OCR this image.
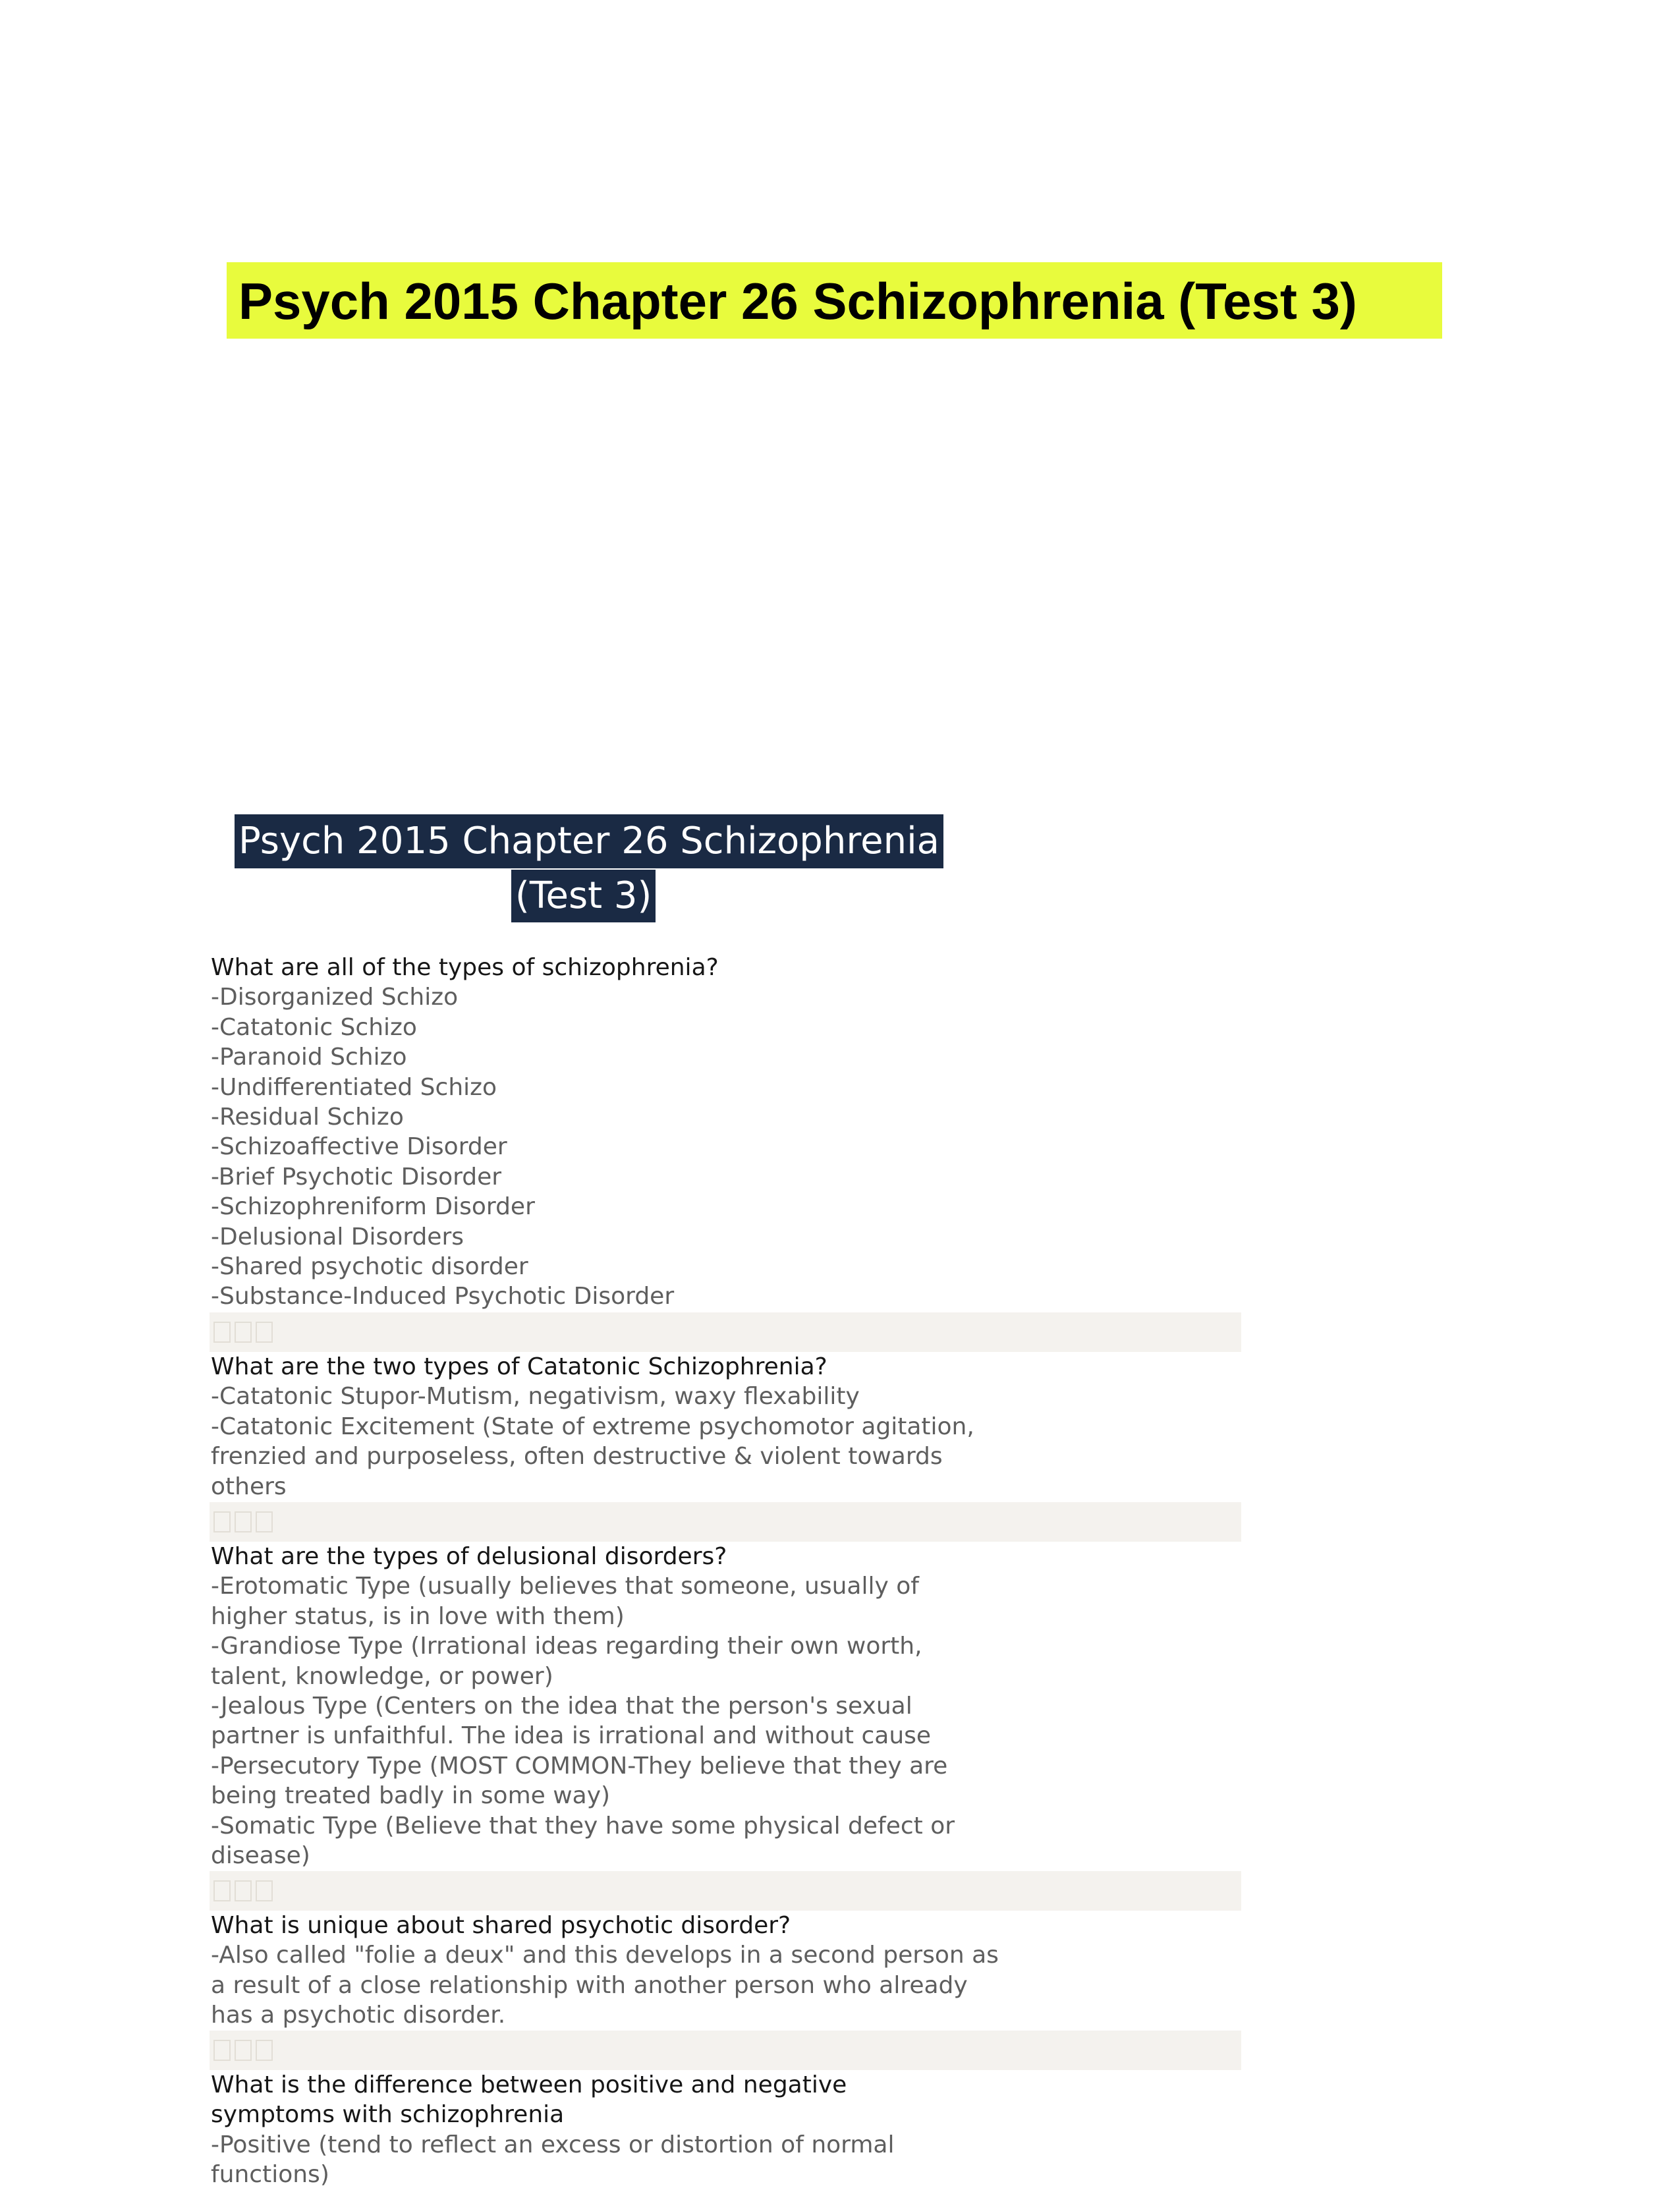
Psych 2015 Chapter 26 Schizophrenia (Test 3)
Psych 2015 Chapter 26 Schizophrenia
(Test 3)
What are all of the types of schizophrenia?
-Disorganized Schizo
-Catatonic Schizo
-Paranoid Schizo
-Undifferentiated Schizo
-Residual Schizo
-Schizoaffective Disorder
-Brief Psychotic Disorder
-Schizophreniform Disorder
-Delusional Disorders
-Shared psychotic disorder
-Substance-Induced Psychotic Disorder
What are the two types of Catatonic Schizophrenia?
-Catatonic Stupor-Mutism, negativism, waxy flexability
-Catatonic Excitement (State of extreme psychomotor agitation,
frenzied and purposeless, often destructive & violent towards
others
What are the types of delusional disorders?
-Erotomatic Type (usually believes that someone, usually of
higher status, is in love with them)
-Grandiose Type (Irrational ideas regarding their own worth,
talent, knowledge, or power)
-Jealous Type (Centers on the idea that the person's sexual
partner is unfaithful. The idea is irrational and without cause
-Persecutory Type (MOST COMMON-They believe that they are
being treated badly in some way)
-Somatic Type (Believe that they have some physical defect or
disease)
What is unique about shared psychotic disorder?
-Also called "folie a deux" and this develops in a second person as
a result of a close relationship with another person who already
has a psychotic disorder.
What is the difference between positive and negative
symptoms with schizophrenia
-Positive (tend to reflect an excess or distortion of normal
functions)
